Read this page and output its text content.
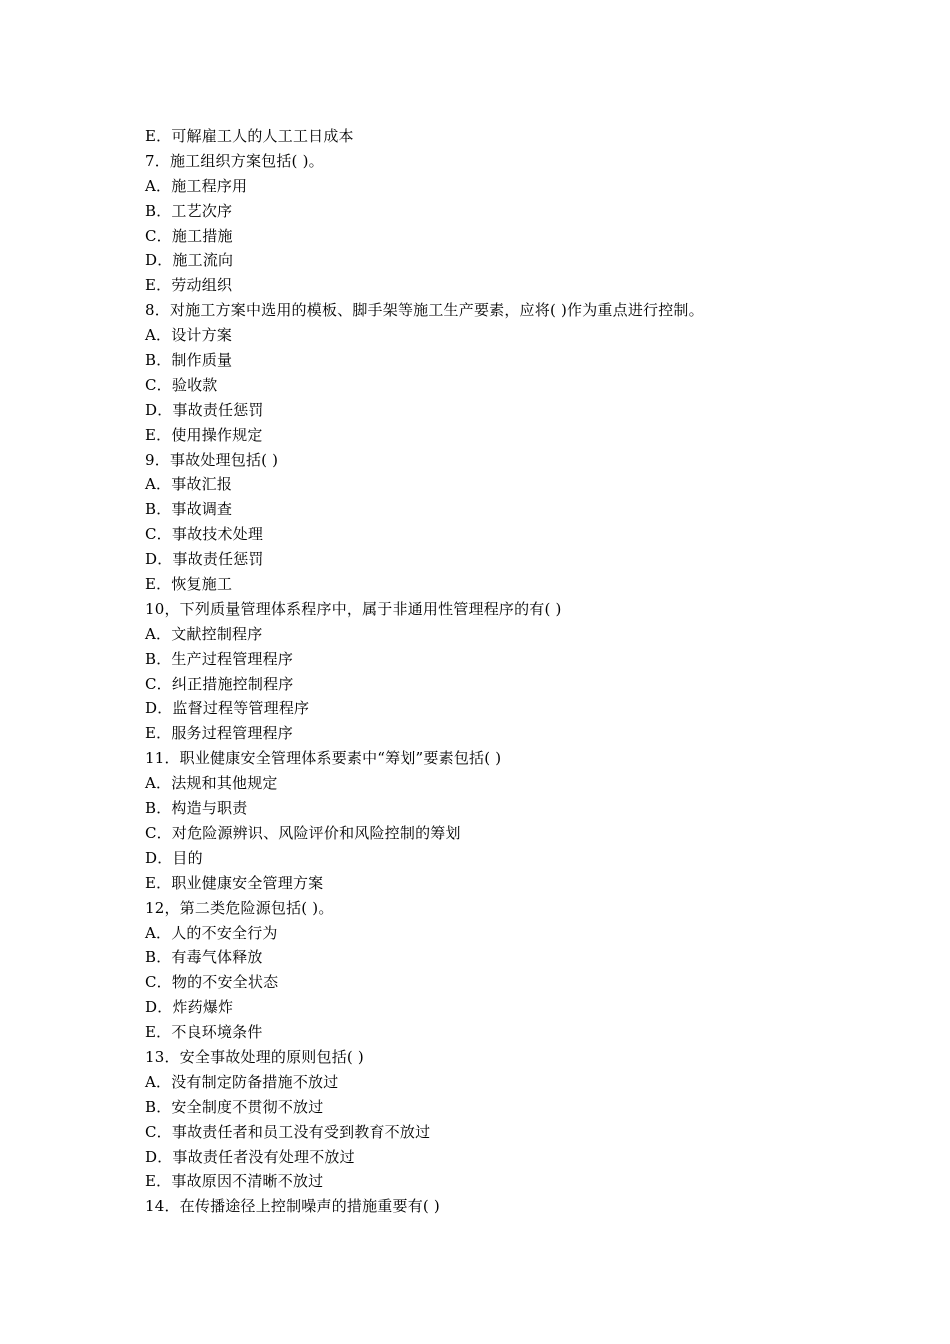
E．可解雇工人的人工工日成本
7．施工组织方案包括( )。
A．施工程序用
B．工艺次序
C．施工措施
D．施工流向
E．劳动组织
8．对施工方案中选用的模板、脚手架等施工生产要素，应将( )作为重点进行控制。
A．设计方案
B．制作质量
C．验收款
D．事故责任惩罚
E．使用操作规定
9．事故处理包括( )
A．事故汇报
B．事故调查
C．事故技术处理
D．事故责任惩罚
E．恢复施工
10，下列质量管理体系程序中，属于非通用性管理程序的有( )
A．文献控制程序
B．生产过程管理程序
C．纠正措施控制程序
D．监督过程等管理程序
E．服务过程管理程序
11．职业健康安全管理体系要素中“筹划”要素包括( )
A．法规和其他规定
B．构造与职责
C．对危险源辨识、风险评价和风险控制的筹划
D．目的
E．职业健康安全管理方案
12，第二类危险源包括( )。
A．人的不安全行为
B．有毒气体释放
C．物的不安全状态
D．炸药爆炸
E．不良环境条件
13．安全事故处理的原则包括( )
A．没有制定防备措施不放过
B．安全制度不贯彻不放过
C．事故责任者和员工没有受到教育不放过
D．事故责任者没有处理不放过
E．事故原因不清晰不放过
14．在传播途径上控制噪声的措施重要有( )
